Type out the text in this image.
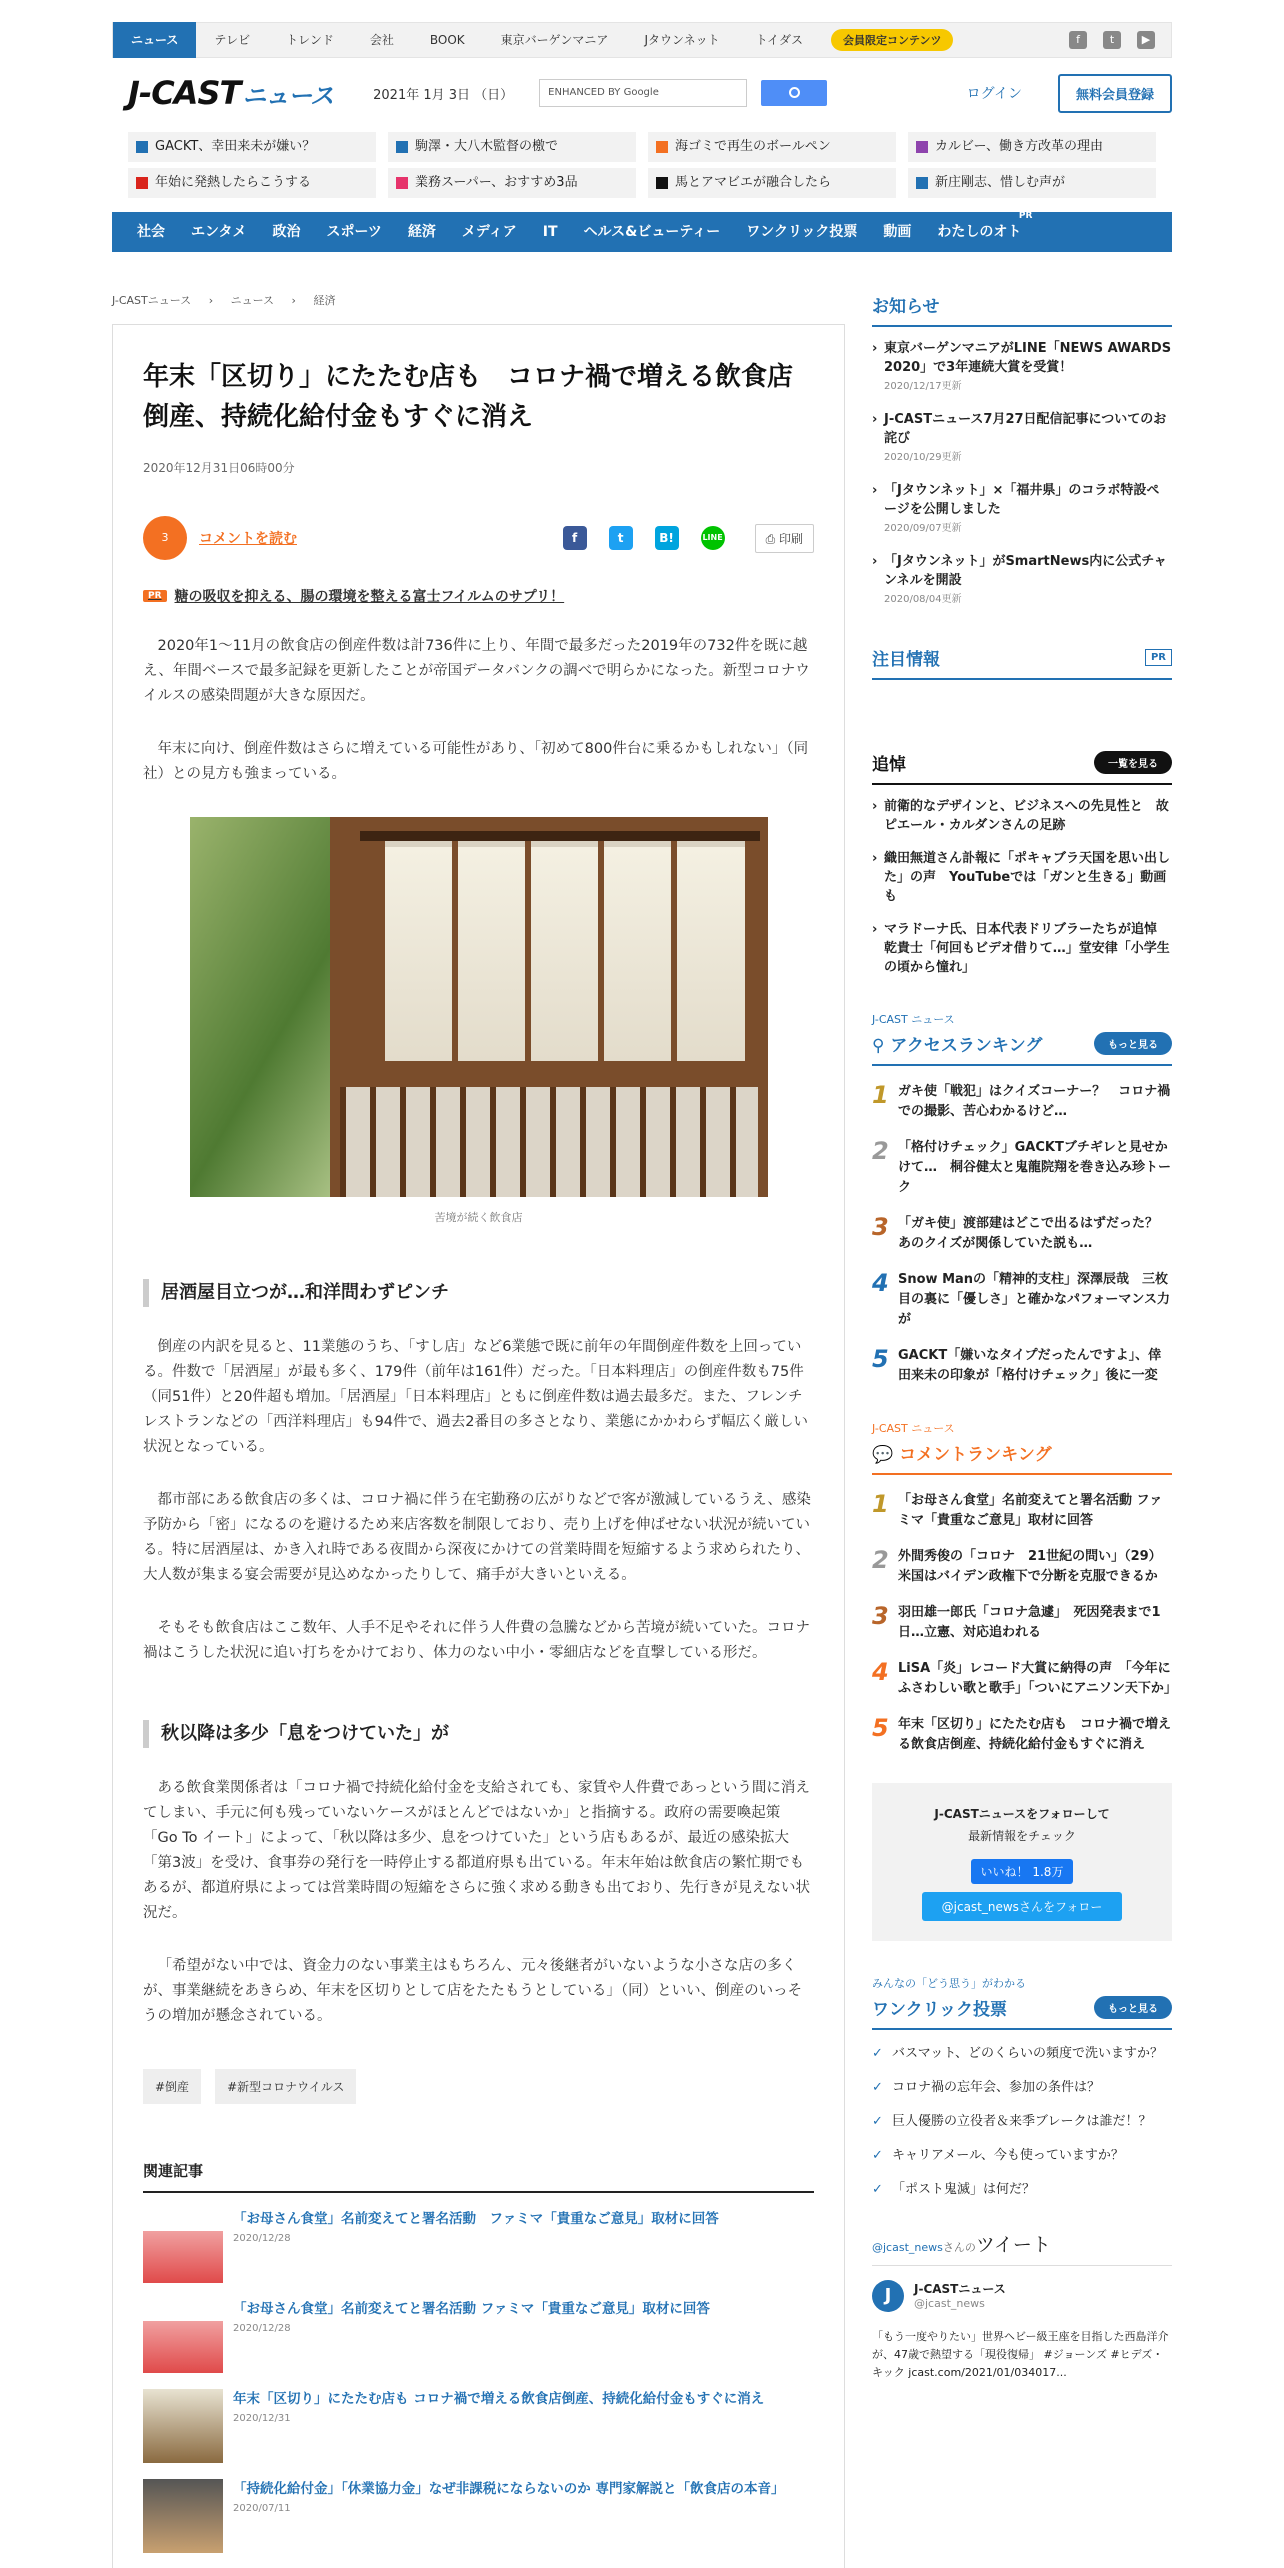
ニュース	テレビ	トレンド	会社	BOOK	東京バーゲンマニア	Jタウンネット	トイダス	会員限定コンテンツ	f	t	▶
J-CASTニュース	2021年 1月 3日 （日）	ENHANCED BY Google	ログイン	無料会員登録
GACKT、幸田来未が嫌い？	駒澤・大八木監督の檄で	海ゴミで再生のボールペン	カルビー、働き方改革の理由
年始に発熱したらこうする	業務スーパー、おすすめ3品	馬とアマビエが融合したら	新庄剛志、惜しむ声が
社会	エンタメ	政治	スポーツ	経済	メディア	IT	ヘルス&ビューティー	ワンクリック投票	動画	わたしのオト
PR
J-CASTニュース › ニュース › 経済
年末「区切り」にたたむ店も　コロナ禍で増える飲食店倒産、持続化給付金もすぐに消え
2020年12月31日06時00分
3	コメントを読む	f	t	B!	LINE	⎙ 印刷
PR 糖の吸収を抑える、腸の環境を整える富士フイルムのサプリ！

2020年1～11月の飲食店の倒産件数は計736件に上り、年間で最多だった2019年の732件を既に越え、年間ベースで最多記録を更新したことが帝国データバンクの調べで明らかになった。新型コロナウイルスの感染問題が大きな原因だ。

年末に向け、倒産件数はさらに増えている可能性があり、「初めて800件台に乗るかもしれない」（同社）との見方も強まっている。

苦境が続く飲食店
居酒屋目立つが…和洋問わずピンチ

倒産の内訳を見ると、11業態のうち、「すし店」など6業態で既に前年の年間倒産件数を上回っている。件数で「居酒屋」が最も多く、179件（前年は161件）だった。「日本料理店」の倒産件数も75件（同51件）と20件超も増加。「居酒屋」「日本料理店」ともに倒産件数は過去最多だ。また、フレンチレストランなどの「西洋料理店」も94件で、過去2番目の多さとなり、業態にかかわらず幅広く厳しい状況となっている。

都市部にある飲食店の多くは、コロナ禍に伴う在宅勤務の広がりなどで客が激減しているうえ、感染予防から「密」になるのを避けるため来店客数を制限しており、売り上げを伸ばせない状況が続いている。特に居酒屋は、かき入れ時である夜間から深夜にかけての営業時間を短縮するよう求められたり、大人数が集まる宴会需要が見込めなかったりして、痛手が大きいといえる。

そもそも飲食店はここ数年、人手不足やそれに伴う人件費の急騰などから苦境が続いていた。コロナ禍はこうした状況に追い打ちをかけており、体力のない中小・零細店などを直撃している形だ。

秋以降は多少「息をつけていた」が

ある飲食業関係者は「コロナ禍で持続化給付金を支給されても、家賃や人件費であっという間に消えてしまい、手元に何も残っていないケースがほとんどではないか」と指摘する。政府の需要喚起策「Go To イート」によって、「秋以降は多少、息をつけていた」という店もあるが、最近の感染拡大「第3波」を受け、食事券の発行を一時停止する都道府県も出ている。年末年始は飲食店の繁忙期でもあるが、都道府県によっては営業時間の短縮をさらに強く求める動きも出ており、先行きが見えない状況だ。

「希望がない中では、資金力のない事業主はもちろん、元々後継者がいないような小さな店の多くが、事業継続をあきらめ、年末を区切りとして店をたたもうとしている」（同）といい、倒産のいっそうの増加が懸念されている。

#倒産	#新型コロナウイルス
関連記事
「お母さん食堂」名前変えてと署名活動　ファミマ「貴重なご意見」取材に回答
2020/12/28
「お母さん食堂」名前変えてと署名活動 ファミマ「貴重なご意見」取材に回答
2020/12/28
年末「区切り」にたたむ店も コロナ禍で増える飲食店倒産、持続化給付金もすぐに消え
2020/12/31
「持続化給付金」「休業協力金」なぜ非課税にならないのか 専門家解説と「飲食店の本音」
2020/07/11
お知らせ
› 東京バーゲンマニアがLINE「NEWS AWARDS 2020」で3年連続大賞を受賞！
2020/12/17更新
› J-CASTニュース7月27日配信記事についてのお詫び
2020/10/29更新
› 「Jタウンネット」×「福井県」のコラボ特設ページを公開しました
2020/09/07更新
› 「Jタウンネット」がSmartNews内に公式チャンネルを開設
2020/08/04更新
注目情報	PR
追悼	一覧を見る
› 前衛的なデザインと、ビジネスへの先見性と　故ピエール・カルダンさんの足跡
› 織田無道さん訃報に「ポキャブラ天国を思い出した」の声　YouTubeでは「ガンと生きる」動画も
› マラドーナ氏、日本代表ドリブラーたちが追悼　乾貴士「何回もビデオ借りて…」堂安律「小学生の頃から憧れ」
J-CAST ニュース
⚲ アクセスランキング	もっと見る
1 ガキ使「戦犯」はクイズコーナー？　コロナ禍での撮影、苦心わかるけど…
2 「格付けチェック」GACKTブチギレと見せかけて…　桐谷健太と鬼龍院翔を巻き込み珍トーク
3 「ガキ使」渡部建はどこで出るはずだった？　あのクイズが関係していた説も…
4 Snow Manの「精神的支柱」深澤辰哉　三枚目の裏に「優しさ」と確かなパフォーマンス力が
5 GACKT「嫌いなタイプだったんですよ」、倖田来未の印象が「格付けチェック」後に一変
J-CAST ニュース
💬 コメントランキング
1 「お母さん食堂」名前変えてと署名活動 ファミマ「貴重なご意見」取材に回答
2 外間秀俊の「コロナ　21世紀の問い」（29）　米国はバイデン政権下で分断を克服できるか
3 羽田雄一郎氏「コロナ急遽」　死因発表まで1日…立憲、対応追われる
4 LiSA「炎」レコード大賞に納得の声　「今年にふさわしい歌と歌手」「ついにアニソン天下か」
5 年末「区切り」にたたむ店も　コロナ禍で増える飲食店倒産、持続化給付金もすぐに消え
J-CASTニュースをフォローして
最新情報をチェック
いいね！ 1.8万
@jcast_newsさんをフォロー
みんなの「どう思う」がわかる
ワンクリック投票	もっと見る
✓ バスマット、どのくらいの頻度で洗いますか？
✓ コロナ禍の忘年会、参加の条件は？
✓ 巨人優勝の立役者＆来季ブレークは誰だ！？
✓ キャリアメール、今も使っていますか？
✓ 「ポスト鬼滅」は何だ？
@jcast_newsさんのツイート
J	J-CASTニュース
@jcast_news
「もう一度やりたい」世界ヘビー級王座を目指した西島洋介が、47歳で熱望する「現役復帰」 #ジョーンズ #ヒデズ・キック jcast.com/2021/01/034017...
